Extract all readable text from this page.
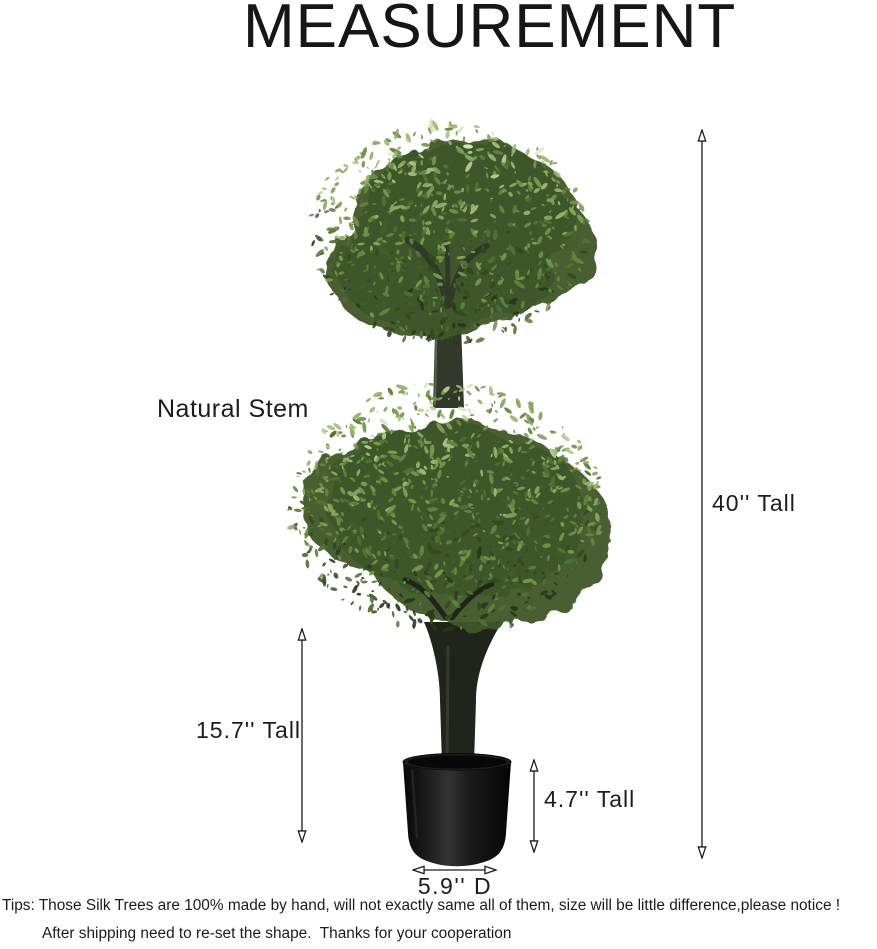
MEASUREMENT
Natural Stem
40'' Tall
15.7'' Tall
4.7'' Tall
5.9'' D
Tips: Those Silk Trees are 100% made by hand, will not exactly same all of them, size will be little difference,please notice !
After shipping need to re-set the shape.  Thanks for your cooperation
